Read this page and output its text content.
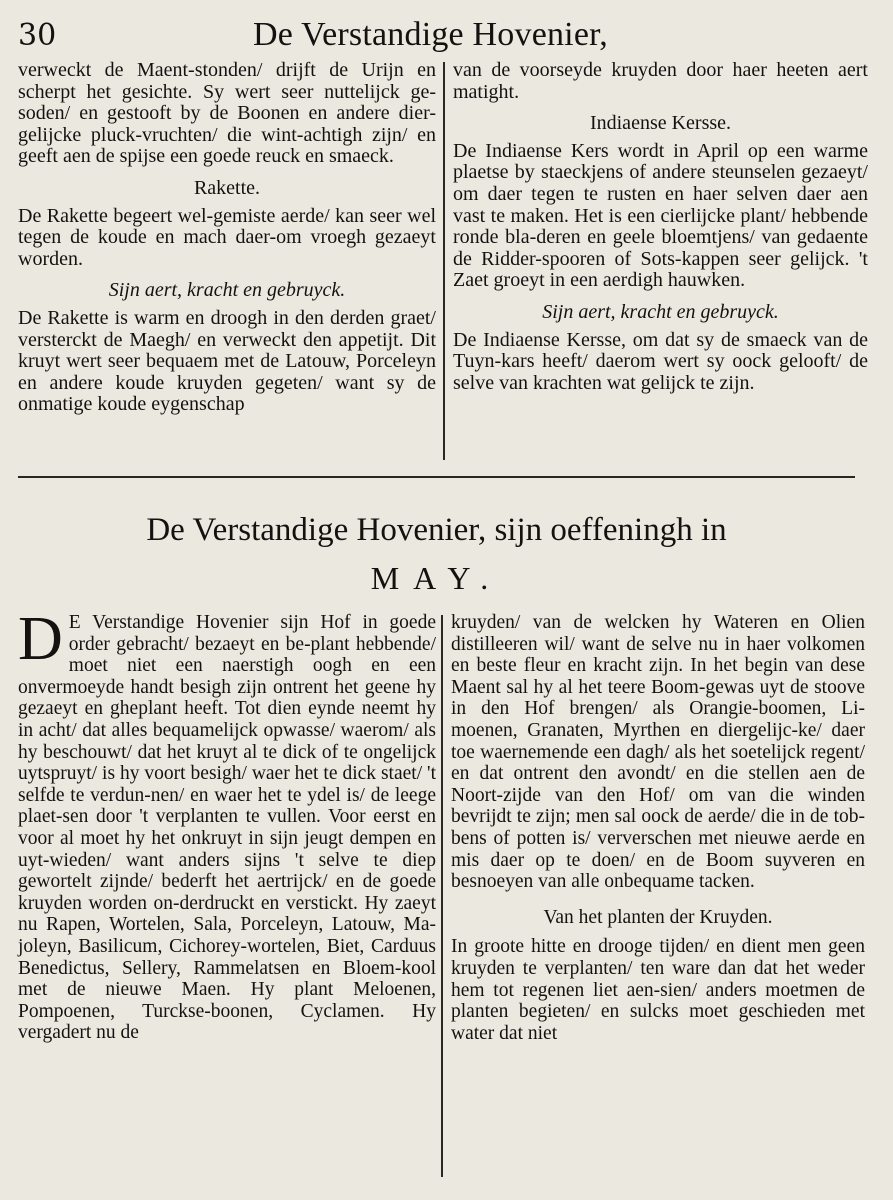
30	De Verstandige Hovenier,

verweckt de Maent-stonden/ drijft de Urijn en scherpt het gesichte. Sy wert seer nuttelijck ge-soden/ en gestooft by de Boonen en andere dier-gelijcke pluck-vruchten/ die wint-achtigh zijn/ en geeft aen de spijse een goede reuck en smaeck.

Rakette.

De Rakette begeert wel-gemiste aerde/ kan seer wel tegen de koude en mach daer-om vroegh gezaeyt worden.

Sijn aert, kracht en gebruyck.

De Rakette is warm en droogh in den derden graet/ versterckt de Maegh/ en verweckt den appetijt. Dit kruyt wert seer bequaem met de Latouw, Porceleyn en andere koude kruyden gegeten/ want sy de onmatige koude eygenschap

van de voorseyde kruyden door haer heeten aert matight.

Indiaense Kersse.

De Indiaense Kers wordt in April op een warme plaetse by staeckjens of andere steunselen gezaeyt/ om daer tegen te rusten en haer selven daer aen vast te maken. Het is een cierlijcke plant/ hebbende ronde bla-deren en geele bloemtjens/ van gedaente de Ridder-spooren of Sots-kappen seer gelijck. 't Zaet groeyt in een aerdigh hauwken.

Sijn aert, kracht en gebruyck.

De Indiaense Kersse, om dat sy de smaeck van de Tuyn-kars heeft/ daerom wert sy oock gelooft/ de selve van krachten wat gelijck te zijn.

De Verstandige Hovenier, sijn oeffeningh in
MAY.

D E Verstandige Hovenier sijn Hof in goede order gebracht/ bezaeyt en be-plant hebbende/ moet niet een naerstigh oogh en een onvermoeyde handt besigh zijn ontrent het geene hy gezaeyt en gheplant heeft. Tot dien eynde neemt hy in acht/ dat alles bequamelijck opwasse/ waerom/ als hy beschouwt/ dat het kruyt al te dick of te ongelijck uytspruyt/ is hy voort besigh/ waer het te dick staet/ 't selfde te verdun-nen/ en waer het te ydel is/ de leege plaet-sen door 't verplanten te vullen. Voor eerst en voor al moet hy het onkruyt in sijn jeugt dempen en uyt-wieden/ want anders sijns 't selve te diep gewortelt zijnde/ bederft het aertrijck/ en de goede kruyden worden on-derdruckt en verstickt. Hy zaeyt nu Rapen, Wortelen, Sala, Porceleyn, Latouw, Ma-joleyn, Basilicum, Cichorey-wortelen, Biet, Carduus Benedictus, Sellery, Rammelatsen en Bloem-kool met de nieuwe Maen. Hy plant Meloenen, Pompoenen, Turckse-boonen, Cyclamen. Hy vergadert nu de

kruyden/ van de welcken hy Wateren en Olien distilleeren wil/ want de selve nu in haer volkomen en beste fleur en kracht zijn. In het begin van dese Maent sal hy al het teere Boom-gewas uyt de stoove in den Hof brengen/ als Orangie-boomen, Li-moenen, Granaten, Myrthen en diergelijc-ke/ daer toe waernemende een dagh/ als het soetelijck regent/ en dat ontrent den avondt/ en die stellen aen de Noort-zijde van den Hof/ om van die winden bevrijdt te zijn; men sal oock de aerde/ die in de tob-bens of potten is/ ververschen met nieuwe aerde en mis daer op te doen/ en de Boom suyveren en besnoeyen van alle onbequame tacken.

Van het planten der Kruyden.

In groote hitte en drooge tijden/ en dient men geen kruyden te verplanten/ ten ware dan dat het weder hem tot regenen liet aen-sien/ anders moetmen de planten begieten/ en sulcks moet geschieden met water dat niet
